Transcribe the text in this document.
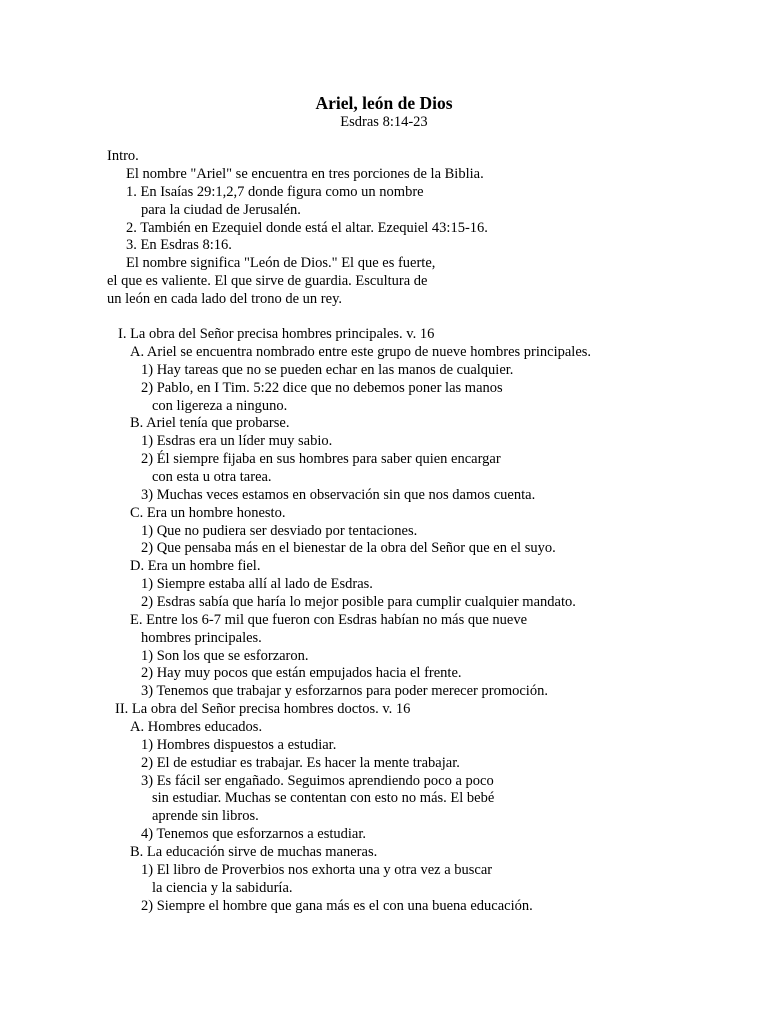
Ariel, león de Dios
Esdras 8:14-23
Intro.
El nombre "Ariel" se encuentra en tres porciones de la Biblia.
1. En Isaías 29:1,2,7 donde figura como un nombre
para la ciudad de Jerusalén.
2. También en Ezequiel donde está el altar. Ezequiel 43:15-16.
3. En Esdras 8:16.
El nombre significa "León de Dios." El que es fuerte,
el que es valiente. El que sirve de guardia. Escultura de
un león en cada lado del trono de un rey.
I. La obra del Señor precisa hombres principales. v. 16
A. Ariel se encuentra nombrado entre este grupo de nueve hombres principales.
1) Hay tareas que no se pueden echar en las manos de cualquier.
2) Pablo, en I Tim. 5:22 dice que no debemos poner las manos
con ligereza a ninguno.
B. Ariel tenía que probarse.
1) Esdras era un líder muy sabio.
2) Él siempre fijaba en sus hombres para saber quien encargar
con esta u otra tarea.
3) Muchas veces estamos en observación sin que nos damos cuenta.
C. Era un hombre honesto.
1) Que no pudiera ser desviado por tentaciones.
2) Que pensaba más en el bienestar de la obra del Señor que en el suyo.
D. Era un hombre fiel.
1) Siempre estaba allí al lado de Esdras.
2) Esdras sabía que haría lo mejor posible para cumplir cualquier mandato.
E. Entre los 6-7 mil que fueron con Esdras habían no más que nueve
hombres principales.
1) Son los que se esforzaron.
2) Hay muy pocos que están empujados hacia el frente.
3) Tenemos que trabajar y esforzarnos para poder merecer promoción.
II. La obra del Señor precisa hombres doctos. v. 16
A. Hombres educados.
1) Hombres dispuestos a estudiar.
2) El de estudiar es trabajar. Es hacer la mente trabajar.
3) Es fácil ser engañado. Seguimos aprendiendo poco a poco
sin estudiar. Muchas se contentan con esto no más. El bebé
aprende sin libros.
4) Tenemos que esforzarnos a estudiar.
B. La educación sirve de muchas maneras.
1) El libro de Proverbios nos exhorta una y otra vez a buscar
la ciencia y la sabiduría.
2) Siempre el hombre que gana más es el con una buena educación.
